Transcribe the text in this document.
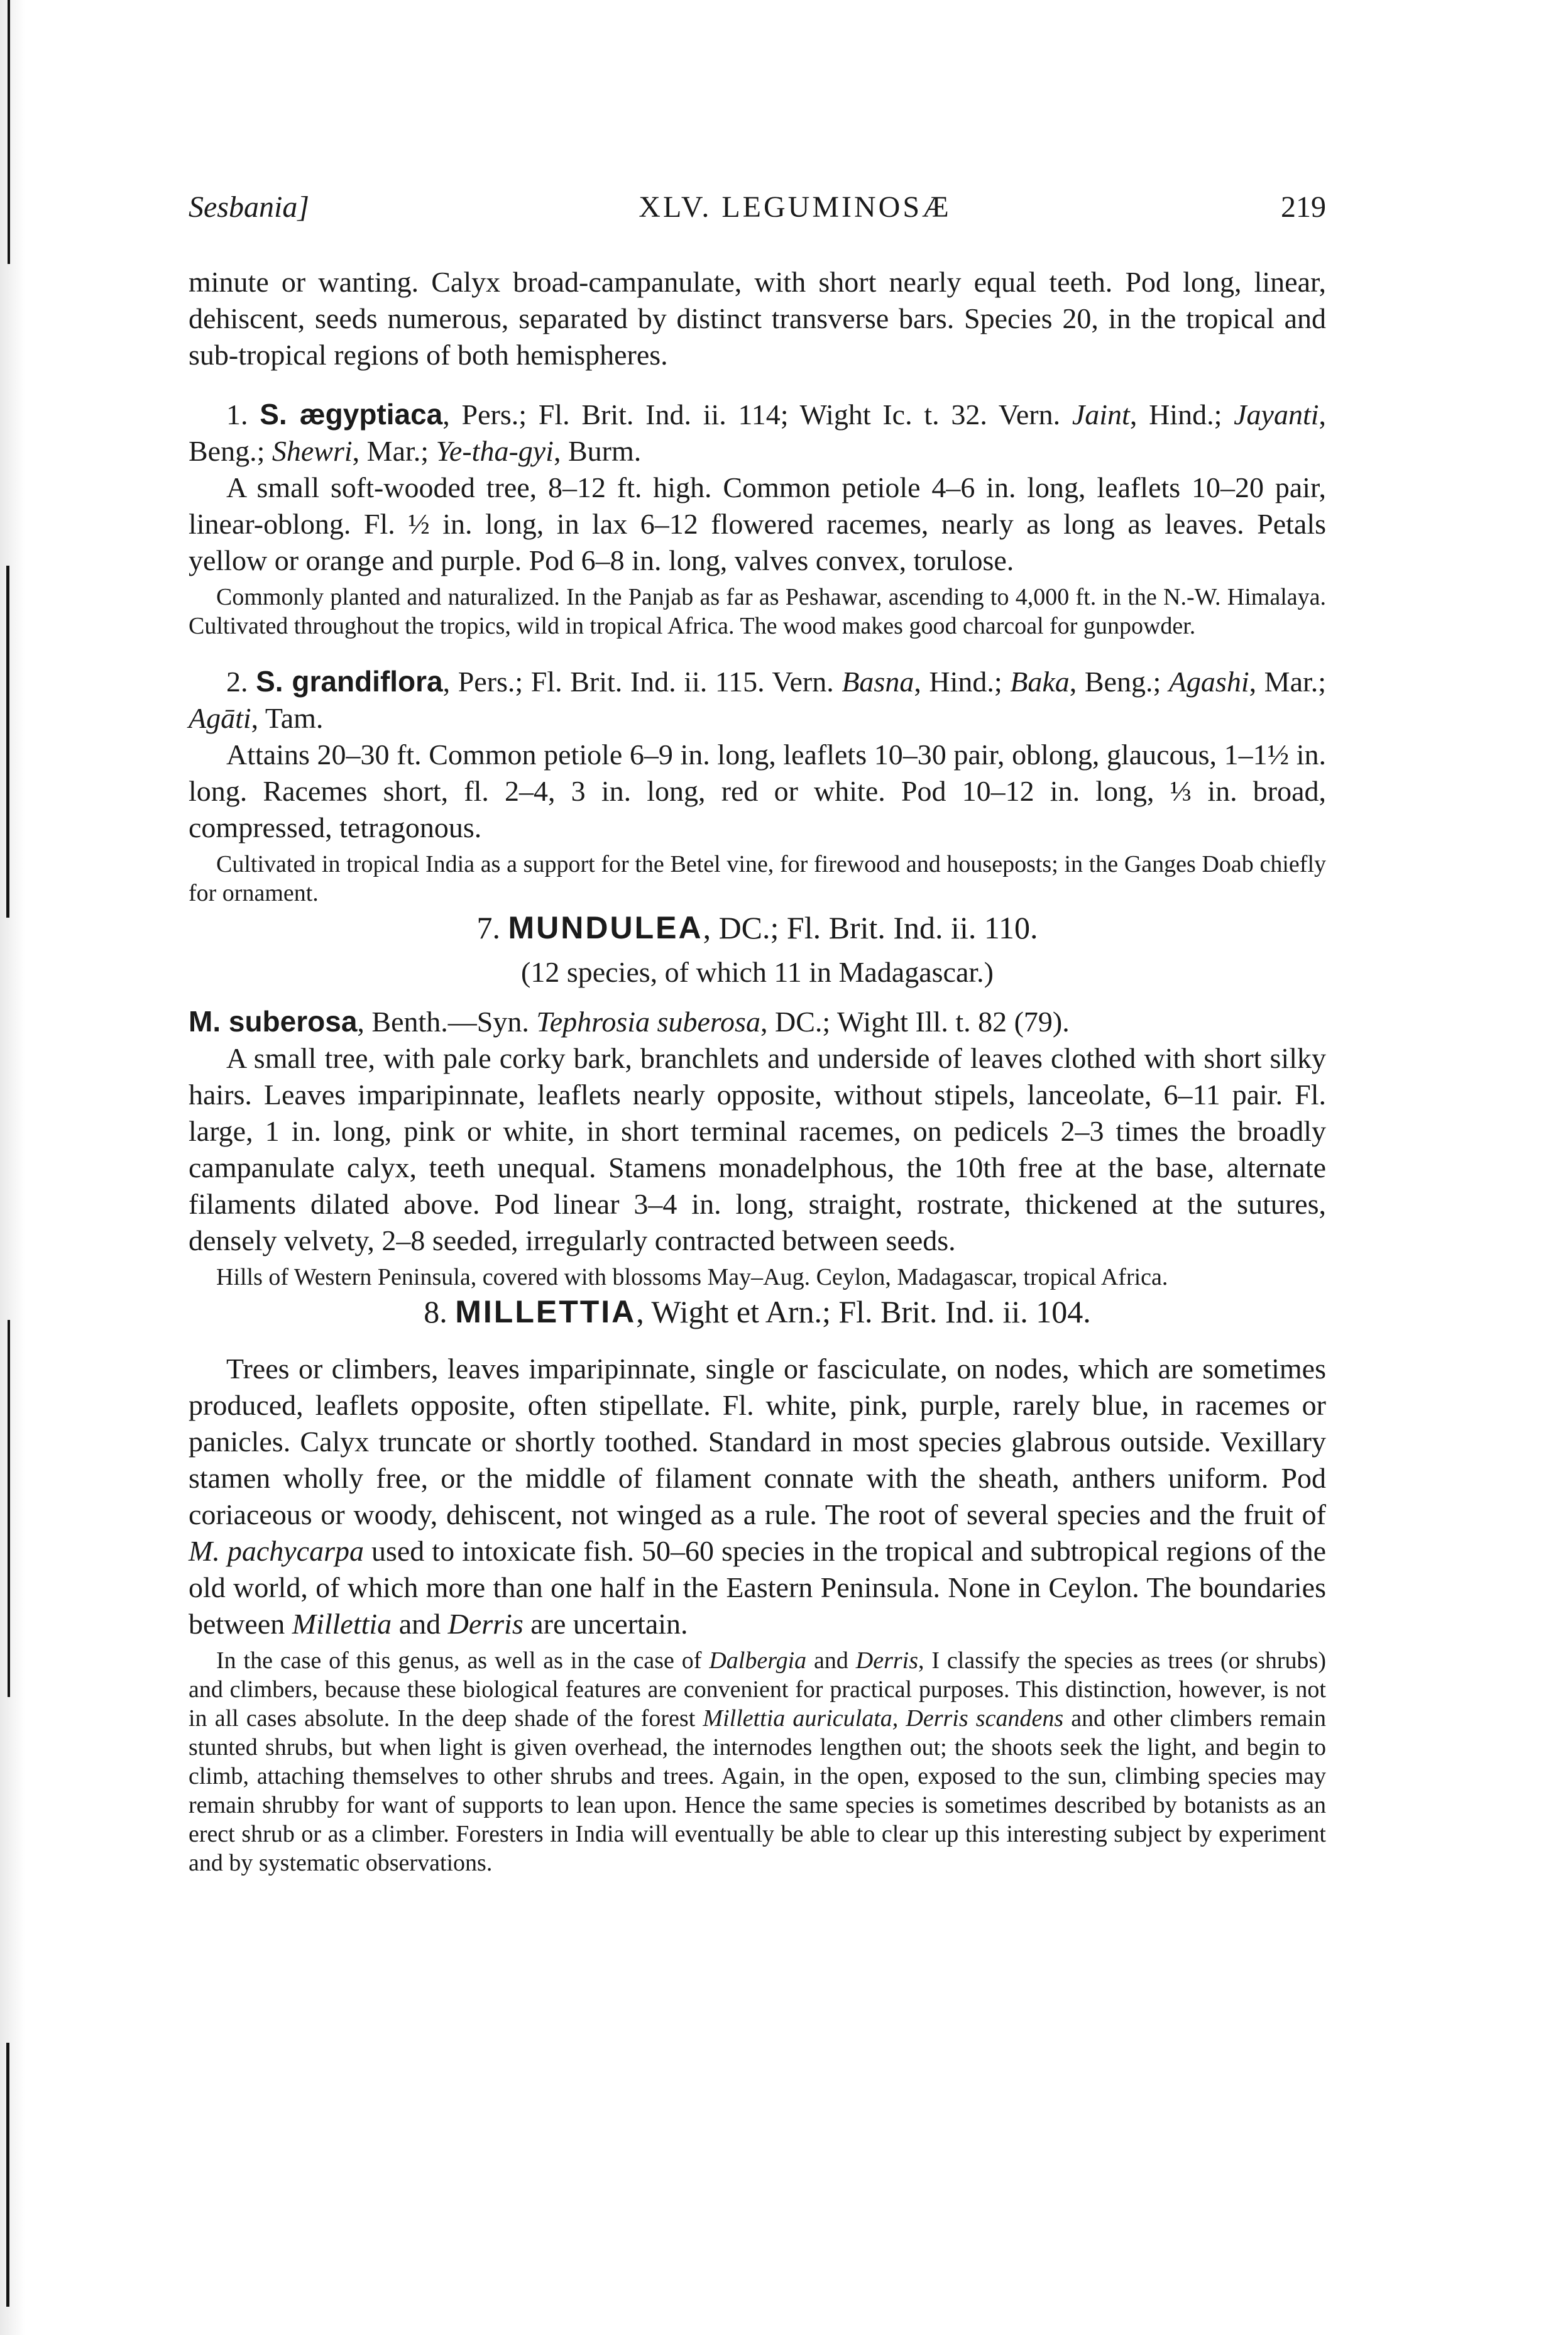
Sesbania]	XLV. LEGUMINOSÆ	219

minute or wanting. Calyx broad-campanulate, with short nearly equal teeth. Pod long, linear, dehiscent, seeds numerous, separated by distinct transverse bars. Species 20, in the tropical and sub-tropical regions of both hemispheres.

1. S. ægyptiaca, Pers.; Fl. Brit. Ind. ii. 114; Wight Ic. t. 32. Vern. Jaint, Hind.; Jayanti, Beng.; Shewri, Mar.; Ye-tha-gyi, Burm.

A small soft-wooded tree, 8–12 ft. high. Common petiole 4–6 in. long, leaflets 10–20 pair, linear-oblong. Fl. ½ in. long, in lax 6–12 flowered racemes, nearly as long as leaves. Petals yellow or orange and purple. Pod 6–8 in. long, valves convex, torulose.

Commonly planted and naturalized. In the Panjab as far as Peshawar, ascending to 4,000 ft. in the N.-W. Himalaya. Cultivated throughout the tropics, wild in tropical Africa. The wood makes good charcoal for gunpowder.

2. S. grandiflora, Pers.; Fl. Brit. Ind. ii. 115. Vern. Basna, Hind.; Baka, Beng.; Agashi, Mar.; Agāti, Tam.

Attains 20–30 ft. Common petiole 6–9 in. long, leaflets 10–30 pair, oblong, glaucous, 1–1½ in. long. Racemes short, fl. 2–4, 3 in. long, red or white. Pod 10–12 in. long, ⅓ in. broad, compressed, tetragonous.

Cultivated in tropical India as a support for the Betel vine, for firewood and houseposts; in the Ganges Doab chiefly for ornament.

7. MUNDULEA, DC.; Fl. Brit. Ind. ii. 110.

(12 species, of which 11 in Madagascar.)

M. suberosa, Benth.—Syn. Tephrosia suberosa, DC.; Wight Ill. t. 82 (79).

A small tree, with pale corky bark, branchlets and underside of leaves clothed with short silky hairs. Leaves imparipinnate, leaflets nearly opposite, without stipels, lanceolate, 6–11 pair. Fl. large, 1 in. long, pink or white, in short terminal racemes, on pedicels 2–3 times the broadly campanulate calyx, teeth unequal. Stamens monadelphous, the 10th free at the base, alternate filaments dilated above. Pod linear 3–4 in. long, straight, rostrate, thickened at the sutures, densely velvety, 2–8 seeded, irregularly contracted between seeds.

Hills of Western Peninsula, covered with blossoms May–Aug. Ceylon, Madagascar, tropical Africa.

8. MILLETTIA, Wight et Arn.; Fl. Brit. Ind. ii. 104.

Trees or climbers, leaves imparipinnate, single or fasciculate, on nodes, which are sometimes produced, leaflets opposite, often stipellate. Fl. white, pink, purple, rarely blue, in racemes or panicles. Calyx truncate or shortly toothed. Standard in most species glabrous outside. Vexillary stamen wholly free, or the middle of filament connate with the sheath, anthers uniform. Pod coriaceous or woody, dehiscent, not winged as a rule. The root of several species and the fruit of M. pachycarpa used to intoxicate fish. 50–60 species in the tropical and subtropical regions of the old world, of which more than one half in the Eastern Peninsula. None in Ceylon. The boundaries between Millettia and Derris are uncertain.

In the case of this genus, as well as in the case of Dalbergia and Derris, I classify the species as trees (or shrubs) and climbers, because these biological features are convenient for practical purposes. This distinction, however, is not in all cases absolute. In the deep shade of the forest Millettia auriculata, Derris scandens and other climbers remain stunted shrubs, but when light is given overhead, the internodes lengthen out; the shoots seek the light, and begin to climb, attaching themselves to other shrubs and trees. Again, in the open, exposed to the sun, climbing species may remain shrubby for want of supports to lean upon. Hence the same species is sometimes described by botanists as an erect shrub or as a climber. Foresters in India will eventually be able to clear up this interesting subject by experiment and by systematic observations.
